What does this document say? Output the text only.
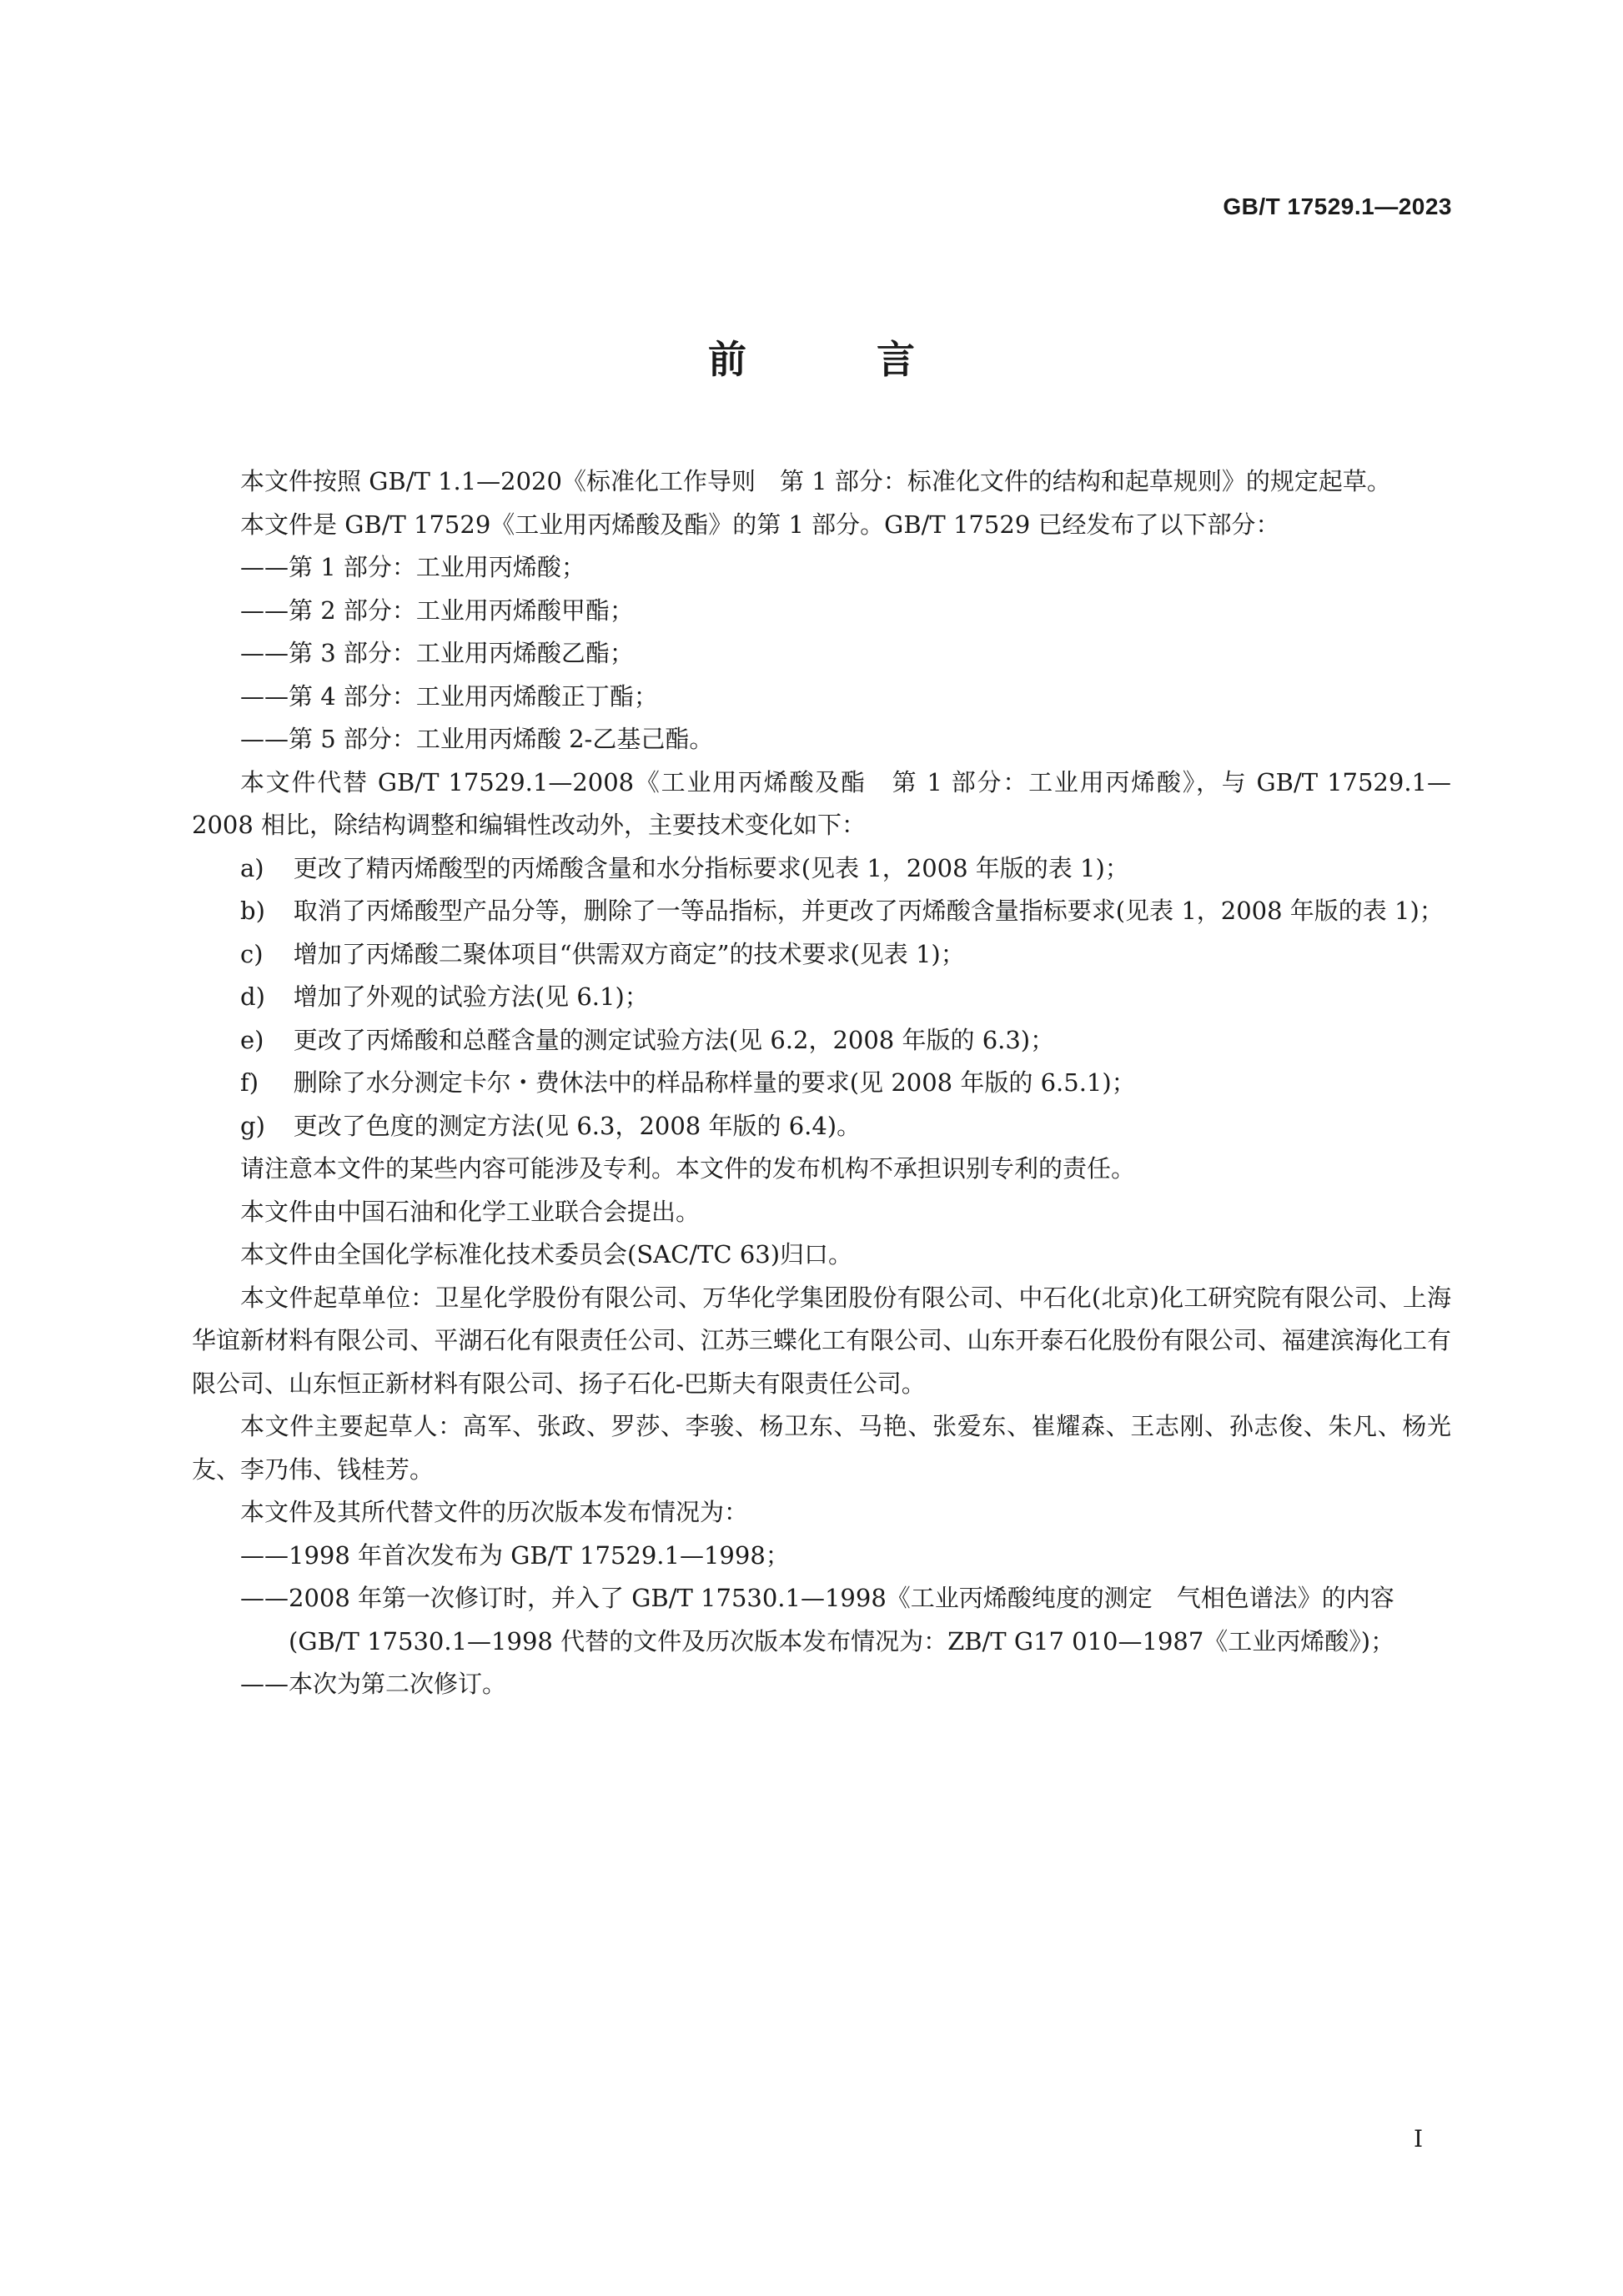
GB/T 17529.1—2023
前 言

本文件按照 GB/T 1.1—2020《标准化工作导则　第 1 部分：标准化文件的结构和起草规则》的规定起草。

本文件是 GB/T 17529《工业用丙烯酸及酯》的第 1 部分。GB/T 17529 已经发布了以下部分：

——第 1 部分：工业用丙烯酸；

——第 2 部分：工业用丙烯酸甲酯；

——第 3 部分：工业用丙烯酸乙酯；

——第 4 部分：工业用丙烯酸正丁酯；

——第 5 部分：工业用丙烯酸 2-乙基己酯。

本文件代替 GB/T 17529.1—2008《工业用丙烯酸及酯　第 1 部分：工业用丙烯酸》，与 GB/T 17529.1—2008 相比，除结构调整和编辑性改动外，主要技术变化如下：

a) 更改了精丙烯酸型的丙烯酸含量和水分指标要求(见表 1，2008 年版的表 1)；

b) 取消了丙烯酸型产品分等，删除了一等品指标，并更改了丙烯酸含量指标要求(见表 1，2008 年版的表 1)；

c) 增加了丙烯酸二聚体项目“供需双方商定”的技术要求(见表 1)；

d) 增加了外观的试验方法(见 6.1)；

e) 更改了丙烯酸和总醛含量的测定试验方法(见 6.2，2008 年版的 6.3)；

f) 删除了水分测定卡尔・费休法中的样品称样量的要求(见 2008 年版的 6.5.1)；

g) 更改了色度的测定方法(见 6.3，2008 年版的 6.4)。

请注意本文件的某些内容可能涉及专利。本文件的发布机构不承担识别专利的责任。

本文件由中国石油和化学工业联合会提出。

本文件由全国化学标准化技术委员会(SAC/TC 63)归口。

本文件起草单位：卫星化学股份有限公司、万华化学集团股份有限公司、中石化(北京)化工研究院有限公司、上海华谊新材料有限公司、平湖石化有限责任公司、江苏三蝶化工有限公司、山东开泰石化股份有限公司、福建滨海化工有限公司、山东恒正新材料有限公司、扬子石化-巴斯夫有限责任公司。

本文件主要起草人：高军、张政、罗莎、李骏、杨卫东、马艳、张爱东、崔耀森、王志刚、孙志俊、朱凡、杨光友、李乃伟、钱桂芳。

本文件及其所代替文件的历次版本发布情况为：

——1998 年首次发布为 GB/T 17529.1—1998；

——2008 年第一次修订时，并入了 GB/T 17530.1—1998《工业丙烯酸纯度的测定　气相色谱法》的内容(GB/T 17530.1—1998 代替的文件及历次版本发布情况为：ZB/T G17 010—1987《工业丙烯酸》)；

——本次为第二次修订。

I
